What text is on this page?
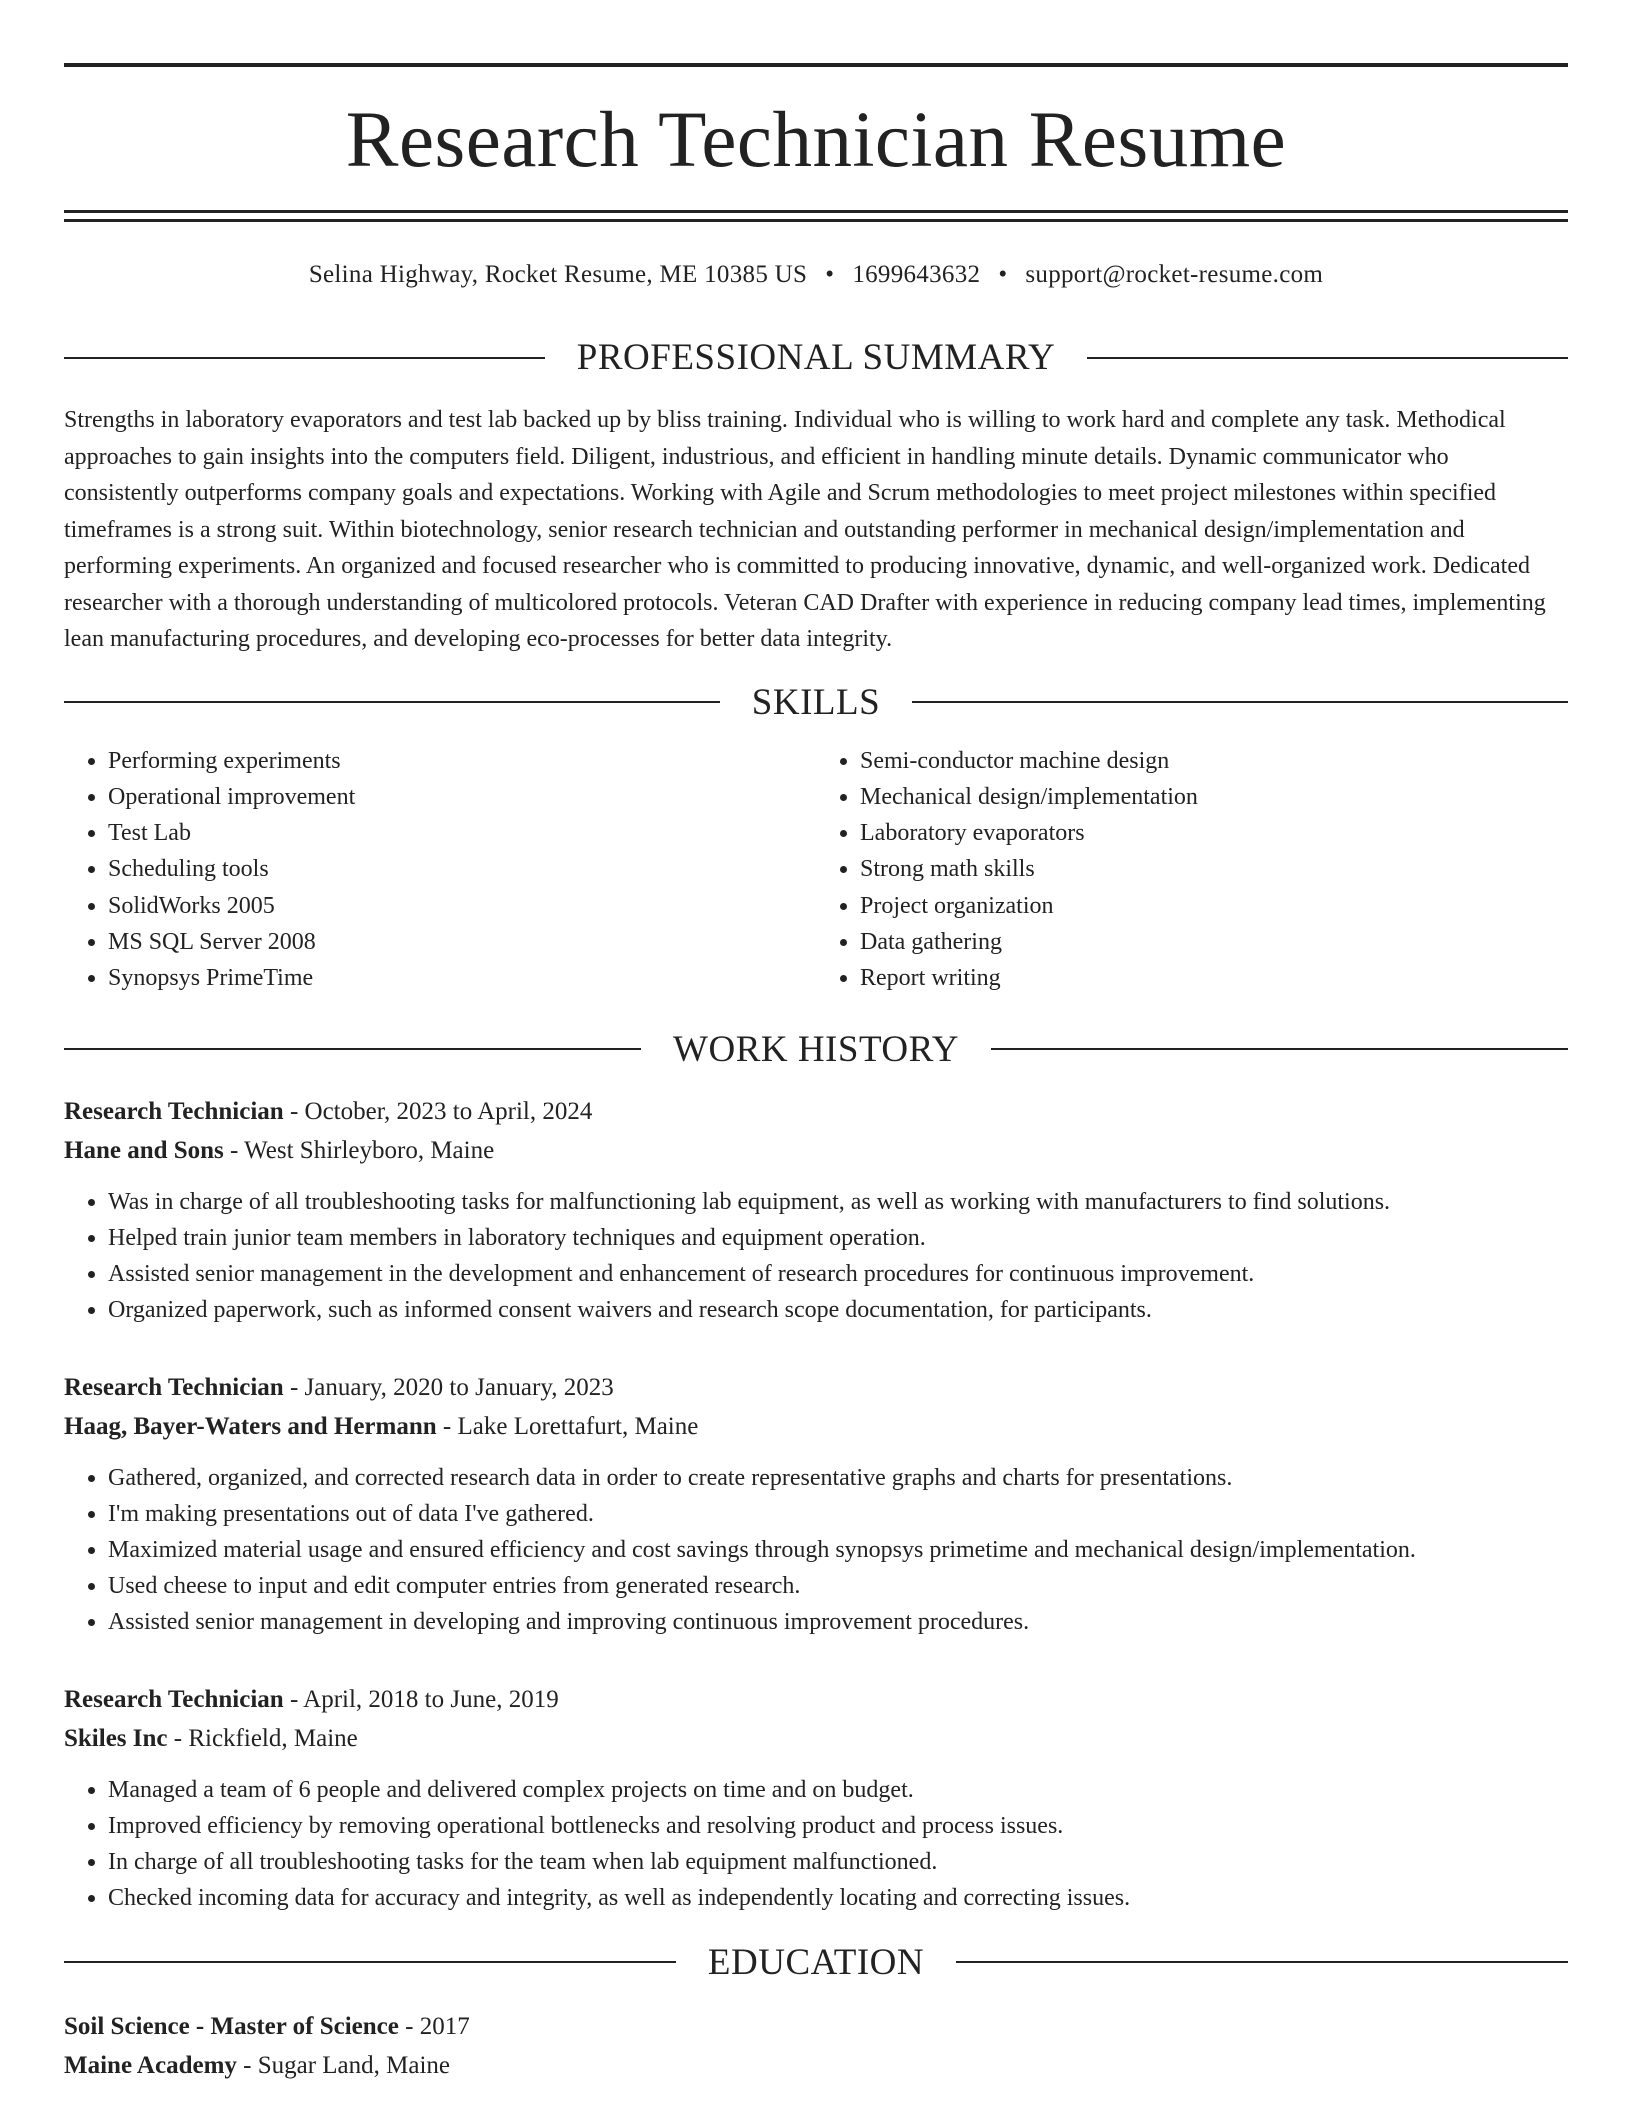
Research Technician Resume
Selina Highway, Rocket Resume, ME 10385 US • 1699643632 • support@rocket-resume.com
PROFESSIONAL SUMMARY

Strengths in laboratory evaporators and test lab backed up by bliss training. Individual who is willing to work hard and complete any task. Methodical approaches to gain insights into the computers field. Diligent, industrious, and efficient in handling minute details. Dynamic communicator who consistently outperforms company goals and expectations. Working with Agile and Scrum methodologies to meet project milestones within specified timeframes is a strong suit. Within biotechnology, senior research technician and outstanding performer in mechanical design/implementation and performing experiments. An organized and focused researcher who is committed to producing innovative, dynamic, and well-organized work. Dedicated researcher with a thorough understanding of multicolored protocols. Veteran CAD Drafter with experience in reducing company lead times, implementing lean manufacturing procedures, and developing eco-processes for better data integrity.

SKILLS
• Performing experiments
• Operational improvement
• Test Lab
• Scheduling tools
• SolidWorks 2005
• MS SQL Server 2008
• Synopsys PrimeTime
• Semi-conductor machine design
• Mechanical design/implementation
• Laboratory evaporators
• Strong math skills
• Project organization
• Data gathering
• Report writing
WORK HISTORY
Research Technician - October, 2023 to April, 2024
Hane and Sons - West Shirleyboro, Maine
• Was in charge of all troubleshooting tasks for malfunctioning lab equipment, as well as working with manufacturers to find solutions.
• Helped train junior team members in laboratory techniques and equipment operation.
• Assisted senior management in the development and enhancement of research procedures for continuous improvement.
• Organized paperwork, such as informed consent waivers and research scope documentation, for participants.
Research Technician - January, 2020 to January, 2023
Haag, Bayer-Waters and Hermann - Lake Lorettafurt, Maine
• Gathered, organized, and corrected research data in order to create representative graphs and charts for presentations.
• I'm making presentations out of data I've gathered.
• Maximized material usage and ensured efficiency and cost savings through synopsys primetime and mechanical design/implementation.
• Used cheese to input and edit computer entries from generated research.
• Assisted senior management in developing and improving continuous improvement procedures.
Research Technician - April, 2018 to June, 2019
Skiles Inc - Rickfield, Maine
• Managed a team of 6 people and delivered complex projects on time and on budget.
• Improved efficiency by removing operational bottlenecks and resolving product and process issues.
• In charge of all troubleshooting tasks for the team when lab equipment malfunctioned.
• Checked incoming data for accuracy and integrity, as well as independently locating and correcting issues.
EDUCATION
Soil Science - Master of Science - 2017
Maine Academy - Sugar Land, Maine
